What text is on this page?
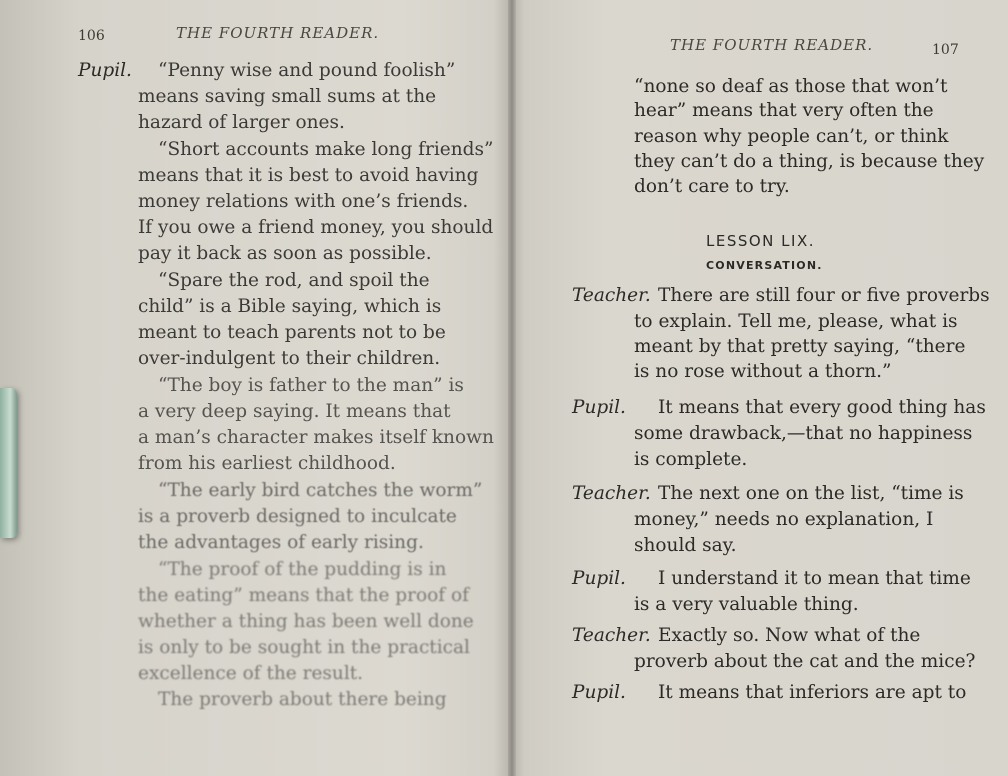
106	THE FOURTH READER.
Pupil. “Penny wise and pound foolish”
means saving small sums at the
hazard of larger ones.
“Short accounts make long friends”
means that it is best to avoid having
money relations with one’s friends.
If you owe a friend money, you should
pay it back as soon as possible.
“Spare the rod, and spoil the
child” is a Bible saying, which is
meant to teach parents not to be
over-indulgent to their children.
“The boy is father to the man” is
a very deep saying. It means that
a man’s character makes itself known
from his earliest childhood.
“The early bird catches the worm”
is a proverb designed to inculcate
the advantages of early rising.
“The proof of the pudding is in
the eating” means that the proof of
whether a thing has been well done
is only to be sought in the practical
excellence of the result.
The proverb about there being
THE FOURTH READER.	107
“none so deaf as those that won’t
hear” means that very often the
reason why people can’t, or think
they can’t do a thing, is because they
don’t care to try.
LESSON LIX.
CONVERSATION.
Teacher. There are still four or five proverbs
to explain. Tell me, please, what is
meant by that pretty saying, “there
is no rose without a thorn.”
Pupil. It means that every good thing has
some drawback,—that no happiness
is complete.
Teacher. The next one on the list, “time is
money,” needs no explanation, I
should say.
Pupil. I understand it to mean that time
is a very valuable thing.
Teacher. Exactly so. Now what of the
proverb about the cat and the mice?
Pupil. It means that inferiors are apt to
